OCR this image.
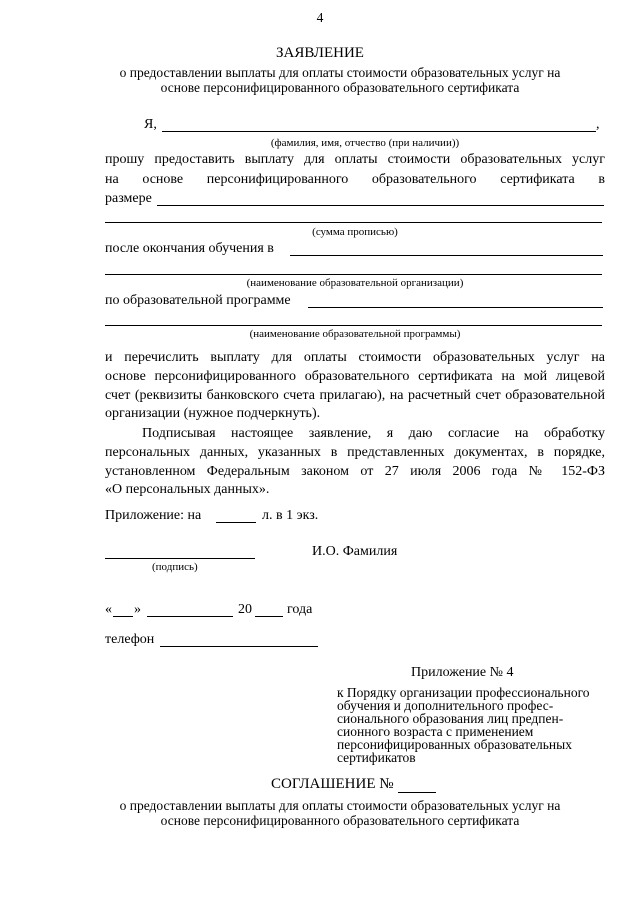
4
ЗАЯВЛЕНИЕ
о предоставлении выплаты для оплаты стоимости образовательных услуг на
основе персонифицированного образовательного сертификата
Я,	,
(фамилия, имя, отчество (при наличии))
прошу предоставить выплату для оплаты стоимости образовательных услуг
на основе персонифицированного образовательного сертификата в
размере
(сумма прописью)
после окончания обучения в
(наименование образовательной организации)
по образовательной программе
(наименование образовательной программы)
и перечислить выплату для оплаты стоимости образовательных услуг на
основе персонифицированного образовательного сертификата на мой лицевой
счет (реквизиты банковского счета прилагаю), на расчетный счет образовательной
организации (нужное подчеркнуть).
Подписывая настоящее заявление, я даю согласие на обработку
персональных данных, указанных в представленных документах, в порядке,
установленном Федеральным законом от 27 июля 2006 года № 152-ФЗ
«О персональных данных».
Приложение: на	л. в 1 экз.
(подпись)
И.О. Фамилия
« »	20	года
телефон
Приложение № 4
к Порядку организации профессионального
обучения и дополнительного профес-
сионального образования лиц предпен-
сионного возраста с применением
персонифицированных образовательных
сертификатов
СОГЛАШЕНИЕ №
о предоставлении выплаты для оплаты стоимости образовательных услуг на
основе персонифицированного образовательного сертификата
